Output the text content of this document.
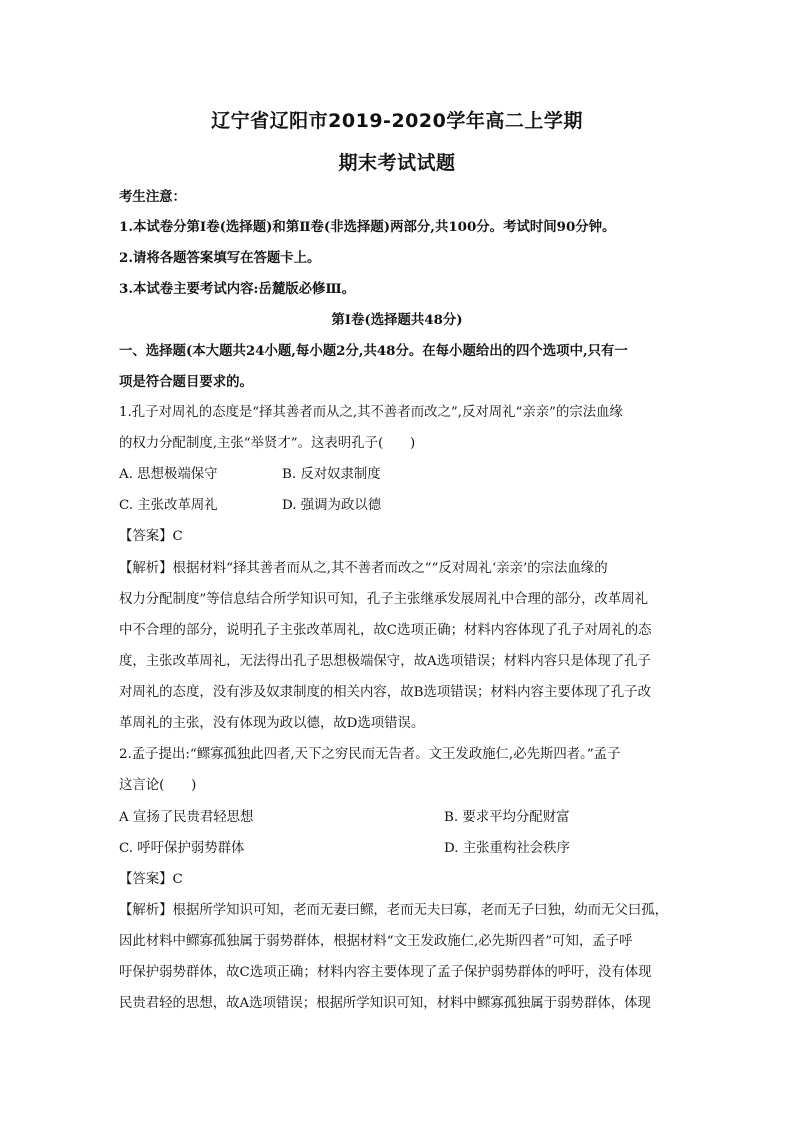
辽宁省辽阳市2019-2020学年高二上学期
期末考试试题
考生注意：
1.本试卷分第Ⅰ卷(选择题)和第Ⅱ卷(非选择题)两部分,共100分。考试时间90分钟。
2.请将各题答案填写在答题卡上。
3.本试卷主要考试内容:岳麓版必修Ⅲ。
第Ⅰ卷(选择题共48分)
一、选择题(本大题共24小题,每小题2分,共48分。在每小题给出的四个选项中,只有一
项是符合题目要求的。
1.孔子对周礼的态度是“择其善者而从之,其不善者而改之”,反对周礼“亲亲”的宗法血缘
的权力分配制度,主张“举贤才”。这表明孔子(　　)
A. 思想极端保守	B. 反对奴隶制度
C. 主张改革周礼	D. 强调为政以德
【答案】C
【解析】根据材料“择其善者而从之,其不善者而改之”“反对周礼‘亲亲’的宗法血缘的
权力分配制度”等信息结合所学知识可知，孔子主张继承发展周礼中合理的部分，改革周礼
中不合理的部分，说明孔子主张改革周礼，故C选项正确；材料内容体现了孔子对周礼的态
度，主张改革周礼，无法得出孔子思想极端保守，故A选项错误；材料内容只是体现了孔子
对周礼的态度，没有涉及奴隶制度的相关内容，故B选项错误；材料内容主要体现了孔子改
革周礼的主张，没有体现为政以德，故D选项错误。
2.孟子提出:“鳏寡孤独此四者,天下之穷民而无告者。文王发政施仁,必先斯四者。”孟子
这言论(　　)
A 宣扬了民贵君轻思想	B. 要求平均分配财富
C. 呼吁保护弱势群体	D. 主张重构社会秩序
【答案】C
【解析】根据所学知识可知，老而无妻曰鳏，老而无夫曰寡，老而无子曰独，幼而无父曰孤，
因此材料中鳏寡孤独属于弱势群体，根据材料“文王发政施仁,必先斯四者”可知，孟子呼
吁保护弱势群体，故C选项正确；材料内容主要体现了孟子保护弱势群体的呼吁，没有体现
民贵君轻的思想，故A选项错误；根据所学知识可知，材料中鳏寡孤独属于弱势群体，体现
